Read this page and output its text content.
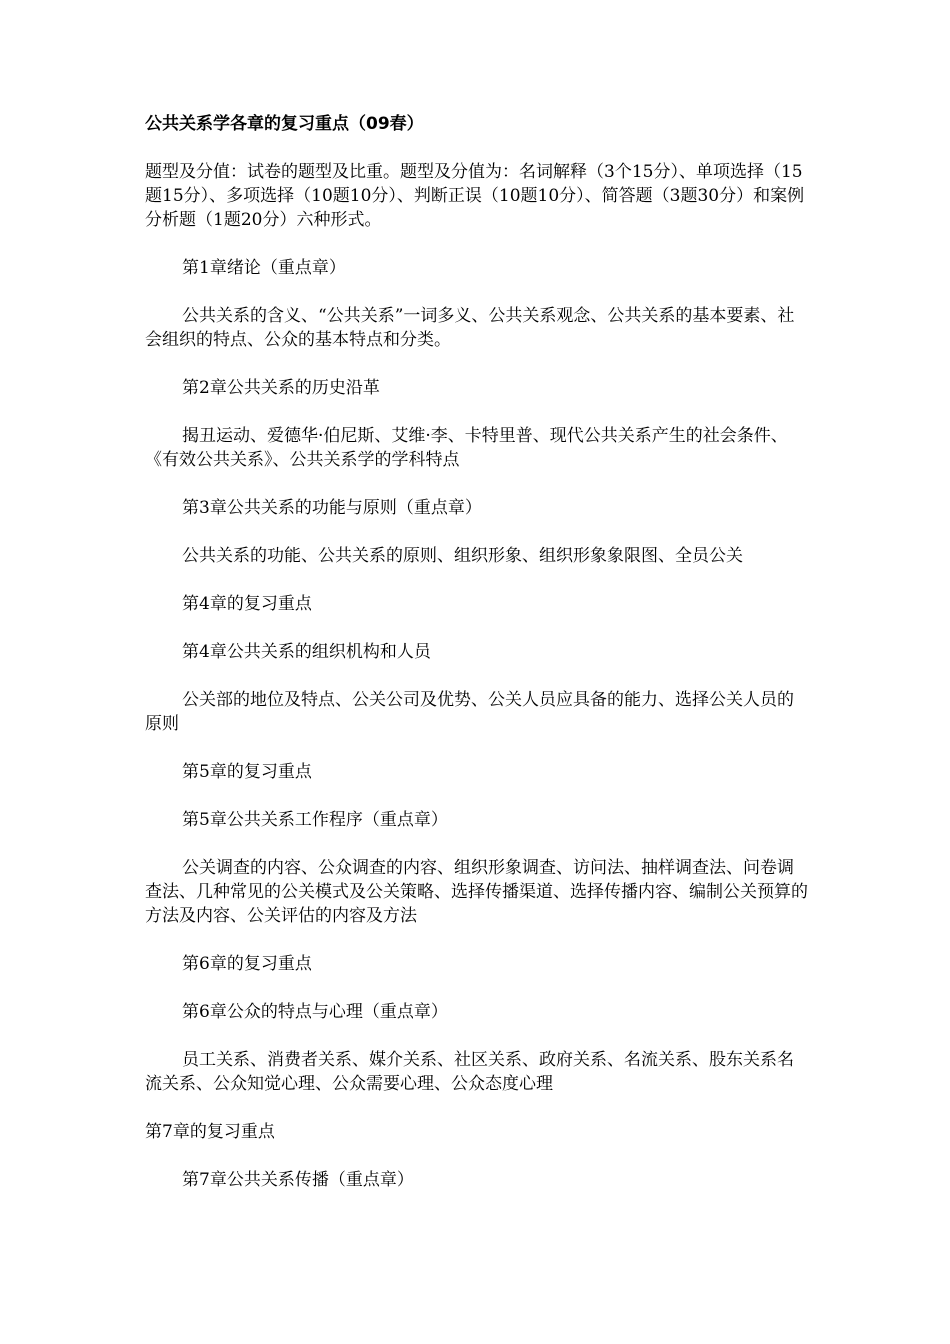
公共关系学各章的复习重点（09春）

题型及分值：试卷的题型及比重。题型及分值为：名词解释（3个15分）、单项选择（15题15分）、多项选择（10题10分）、判断正误（10题10分）、简答题（3题30分）和案例分析题（1题20分）六种形式。

第1章绪论（重点章）

公共关系的含义、“公共关系”一词多义、公共关系观念、公共关系的基本要素、社会组织的特点、公众的基本特点和分类。

第2章公共关系的历史沿革

揭丑运动、爱德华·伯尼斯、艾维·李、卡特里普、现代公共关系产生的社会条件、《有效公共关系》、公共关系学的学科特点

第3章公共关系的功能与原则（重点章）

公共关系的功能、公共关系的原则、组织形象、组织形象象限图、全员公关

第4章的复习重点

第4章公共关系的组织机构和人员

公关部的地位及特点、公关公司及优势、公关人员应具备的能力、选择公关人员的原则

第5章的复习重点

第5章公共关系工作程序（重点章）

公关调查的内容、公众调查的内容、组织形象调查、访问法、抽样调查法、问卷调查法、几种常见的公关模式及公关策略、选择传播渠道、选择传播内容、编制公关预算的方法及内容、公关评估的内容及方法

第6章的复习重点

第6章公众的特点与心理（重点章）

员工关系、消费者关系、媒介关系、社区关系、政府关系、名流关系、股东关系名流关系、公众知觉心理、公众需要心理、公众态度心理

第7章的复习重点

第7章公共关系传播（重点章）
